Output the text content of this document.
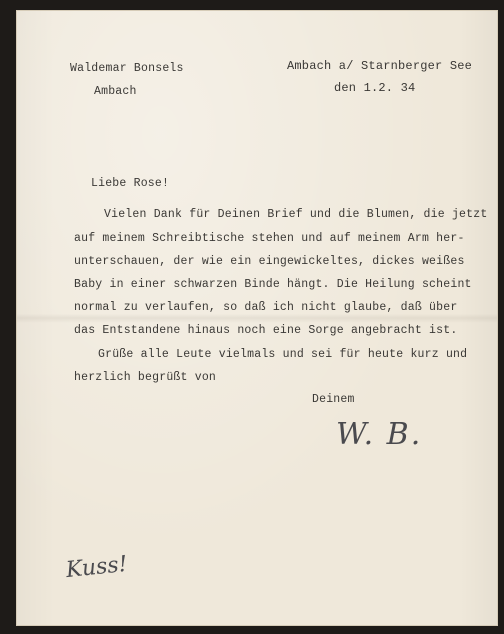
Waldemar Bonsels
Ambach
Ambach a/ Starnberger See
den 1.2. 34
Liebe Rose!
Vielen Dank für Deinen Brief und die Blumen, die jetzt
auf meinem Schreibtische stehen und auf meinem Arm her-
unterschauen, der wie ein eingewickeltes, dickes weißes
Baby in einer schwarzen Binde hängt. Die Heilung scheint
normal zu verlaufen, so daß ich nicht glaube, daß über
das Entstandene hinaus noch eine Sorge angebracht ist.
Grüße alle Leute vielmals und sei für heute kurz und
herzlich begrüßt von
Deinem
W. B.
Kuss!
